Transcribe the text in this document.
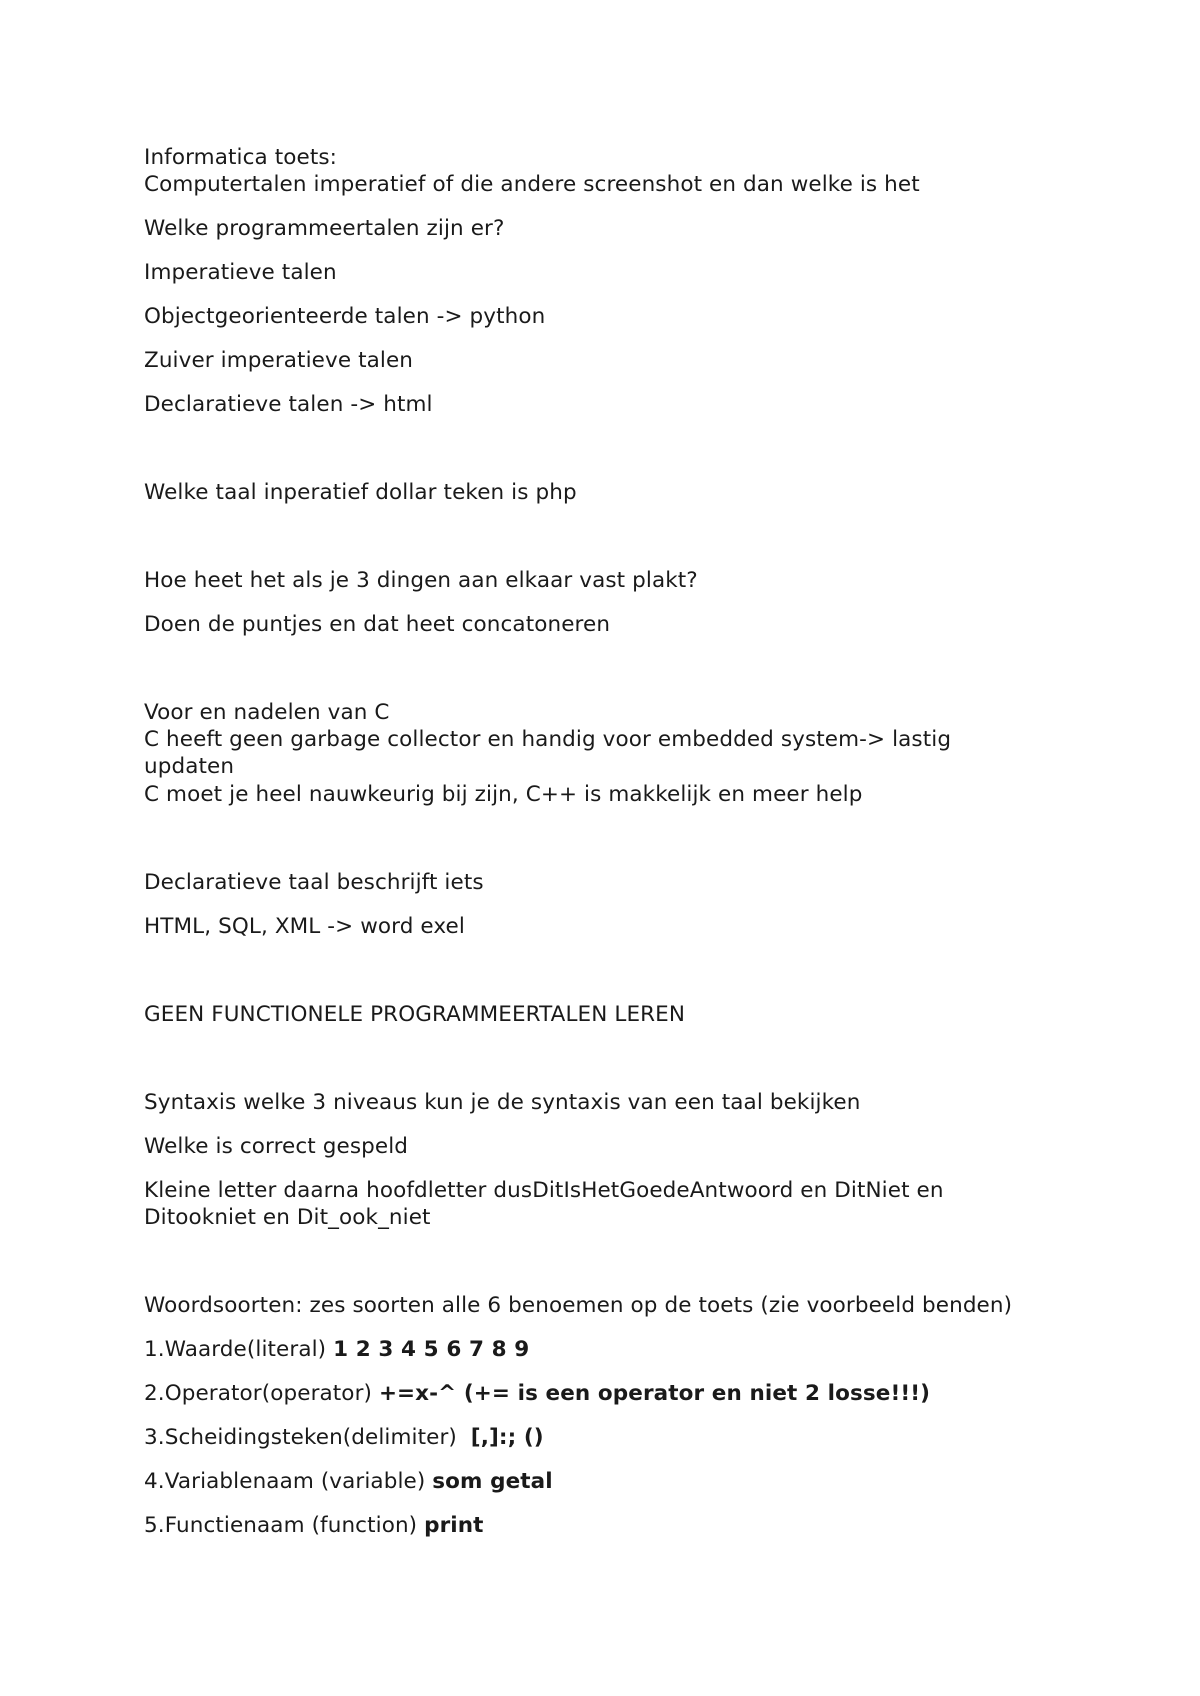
Informatica toets:
Computertalen imperatief of die andere screenshot en dan welke is het
Welke programmeertalen zijn er?
Imperatieve talen
Objectgeorienteerde talen -> python
Zuiver imperatieve talen
Declaratieve talen -> html
Welke taal inperatief dollar teken is php
Hoe heet het als je 3 dingen aan elkaar vast plakt?
Doen de puntjes en dat heet concatoneren
Voor en nadelen van C
C heeft geen garbage collector en handig voor embedded system-> lastig
updaten
C moet je heel nauwkeurig bij zijn, C++ is makkelijk en meer help
Declaratieve taal beschrijft iets
HTML, SQL, XML -> word exel
GEEN FUNCTIONELE PROGRAMMEERTALEN LEREN
Syntaxis welke 3 niveaus kun je de syntaxis van een taal bekijken
Welke is correct gespeld
Kleine letter daarna hoofdletter dusDitIsHetGoedeAntwoord en DitNiet en
Ditookniet en Dit_ook_niet
Woordsoorten: zes soorten alle 6 benoemen op de toets (zie voorbeeld benden)
1.Waarde(literal) 1 2 3 4 5 6 7 8 9
2.Operator(operator) +=x-^ (+= is een operator en niet 2 losse!!!)
3.Scheidingsteken(delimiter)  [,]:; ()
4.Variablenaam (variable) som getal
5.Functienaam (function) print
